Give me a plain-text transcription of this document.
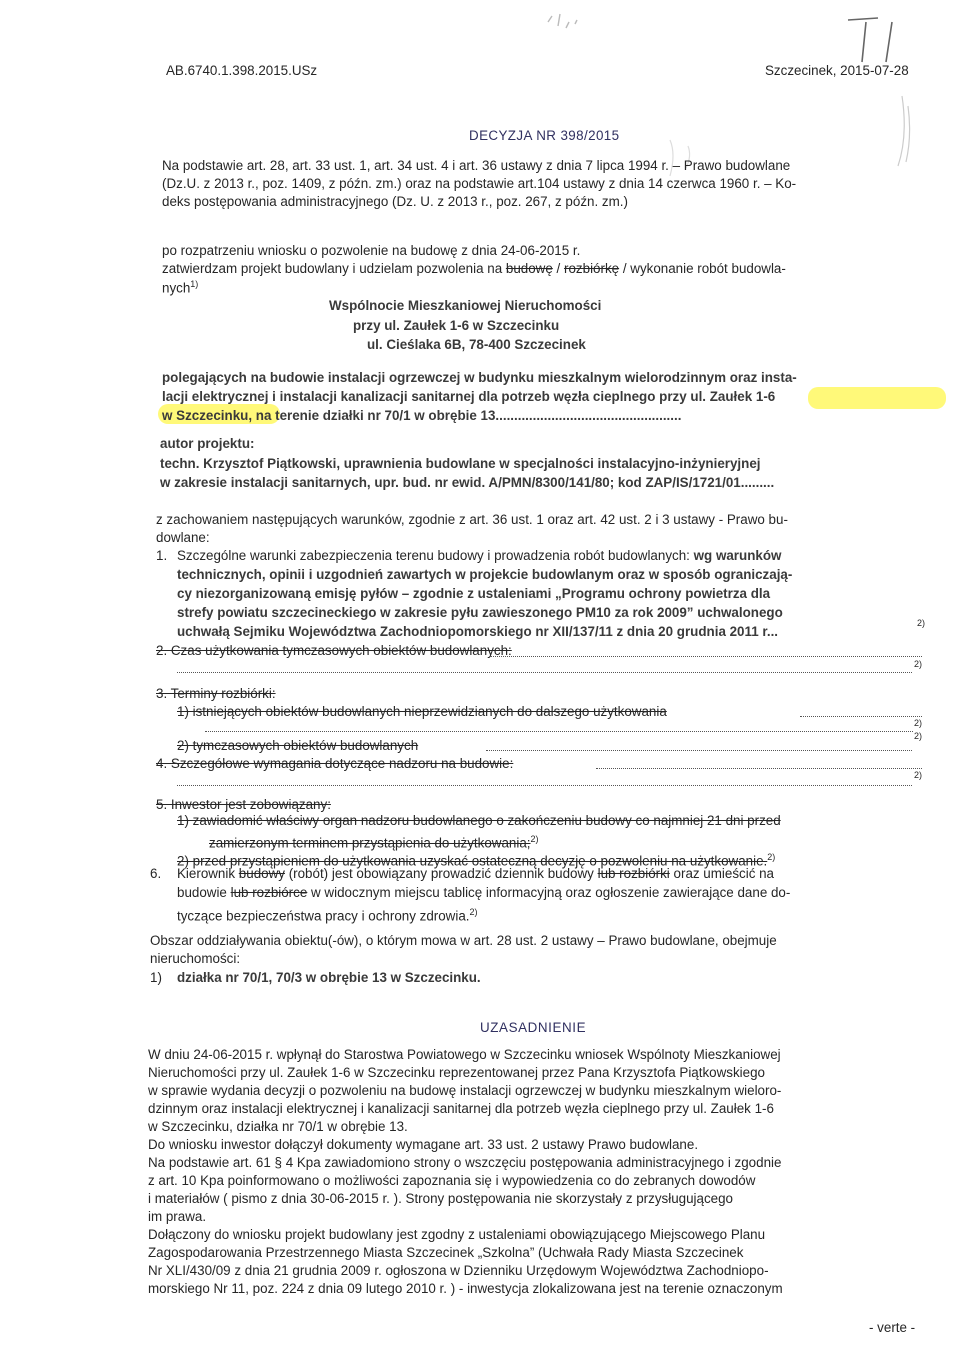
AB.6740.1.398.2015.USz	Szczecinek, 2015-07-28

DECYZJA NR 398/2015

Na podstawie art. 28, art. 33 ust. 1, art. 34 ust. 4 i art. 36 ustawy z dnia 7 lipca 1994 r. – Prawo budowlane

(Dz.U. z 2013 r., poz. 1409, z późn. zm.) oraz na podstawie art.104 ustawy z dnia 14 czerwca 1960 r. – Ko-

deks postępowania administracyjnego (Dz. U. z 2013 r., poz. 267, z późn. zm.)

po rozpatrzeniu wniosku o pozwolenie na budowę z dnia 24-06-2015 r.

zatwierdzam projekt budowlany i udzielam pozwolenia na budowę / rozbiórkę / wykonanie robót budowla-

nych$^{1)}$

Wspólnocie Mieszkaniowej Nieruchomości

przy ul. Zaułek 1-6 w Szczecinku

ul. Cieślaka 6B, 78-400 Szczecinek

polegających na budowie instalacji ogrzewczej w budynku mieszkalnym wielorodzinnym oraz insta-

lacji elektrycznej i instalacji kanalizacji sanitarnej dla potrzeb węzła cieplnego przy ul. Zaułek 1-6

w Szczecinku, na terenie działki nr 70/1 w obrębie 13..................................................

autor projektu:

techn. Krzysztof Piątkowski, uprawnienia budowlane w specjalności instalacyjno-inżynieryjnej

w zakresie instalacji sanitarnych, upr. bud. nr ewid. A/PMN/8300/141/80; kod ZAP/IS/1721/01.........

z zachowaniem następujących warunków, zgodnie z art. 36 ust. 1 oraz art. 42 ust. 2 i 3 ustawy - Prawo bu-

dowlane:

1. Szczególne warunki zabezpieczenia terenu budowy i prowadzenia robót budowlanych: wg warunków

technicznych, opinii i uzgodnień zawartych w projekcie budowlanym oraz w sposób ograniczają-

cy niezorganizowaną emisję pyłów – zgodnie z ustaleniami „Programu ochrony powietrza dla

strefy powiatu szczecineckiego w zakresie pyłu zawieszonego PM10 za rok 2009” uchwalonego

uchwałą Sejmiku Województwa Zachodniopomorskiego nr XII/137/11 z dnia 20 grudnia 2011 r...

2)

2. Czas użytkowania tymczasowych obiektów budowlanych:

2)

3. Terminy rozbiórki:

1) istniejących obiektów budowlanych nieprzewidzianych do dalszego użytkowania

2)

2) tymczasowych obiektów budowlanych

2)

4. Szczegółowe wymagania dotyczące nadzoru na budowie:

2)

5. Inwestor jest zobowiązany:

1) zawiadomić właściwy organ nadzoru budowlanego o zakończeniu budowy co najmniej 21 dni przed

zamierzonym terminem przystąpienia do użytkowania;$^{2)}$

2) przed przystąpieniem do użytkowania uzyskać ostateczną decyzję o pozwoleniu na użytkowanie.$^{2)}$

6. Kierownik budowy (robót) jest obowiązany prowadzić dziennik budowy lub rozbiórki oraz umieścić na

budowie lub rozbiórce w widocznym miejscu tablicę informacyjną oraz ogłoszenie zawierające dane do-

tyczące bezpieczeństwa pracy i ochrony zdrowia.$^{2)}$

Obszar oddziaływania obiektu(-ów), o którym mowa w art. 28 ust. 2 ustawy – Prawo budowlane, obejmuje

nieruchomości:

1) działka nr 70/1, 70/3 w obrębie 13 w Szczecinku.

UZASADNIENIE

W dniu 24-06-2015 r. wpłynął do Starostwa Powiatowego w Szczecinku wniosek Wspólnoty Mieszkaniowej

Nieruchomości przy ul. Zaułek 1-6 w Szczecinku reprezentowanej przez Pana Krzysztofa Piątkowskiego

w sprawie wydania decyzji o pozwoleniu na budowę instalacji ogrzewczej w budynku mieszkalnym wieloro-

dzinnym oraz instalacji elektrycznej i kanalizacji sanitarnej dla potrzeb węzła cieplnego przy ul. Zaułek 1-6

w Szczecinku, działka nr 70/1 w obrębie 13.

Do wniosku inwestor dołączył dokumenty wymagane art. 33 ust. 2 ustawy Prawo budowlane.

Na podstawie art. 61 § 4 Kpa zawiadomiono strony o wszczęciu postępowania administracyjnego i zgodnie

z art. 10 Kpa poinformowano o możliwości zapoznania się i wypowiedzenia co do zebranych dowodów

i materiałów ( pismo z dnia 30-06-2015 r. ). Strony postępowania nie skorzystały z przysługującego

im prawa.

Dołączony do wniosku projekt budowlany jest zgodny z ustaleniami obowiązującego Miejscowego Planu

Zagospodarowania Przestrzennego Miasta Szczecinek „Szkolna” (Uchwała Rady Miasta Szczecinek

Nr XLI/430/09 z dnia 21 grudnia 2009 r. ogłoszona w Dzienniku Urzędowym Województwa Zachodniopo-

morskiego Nr 11, poz. 224 z dnia 09 lutego 2010 r. ) - inwestycja zlokalizowana jest na terenie oznaczonym

- verte -
